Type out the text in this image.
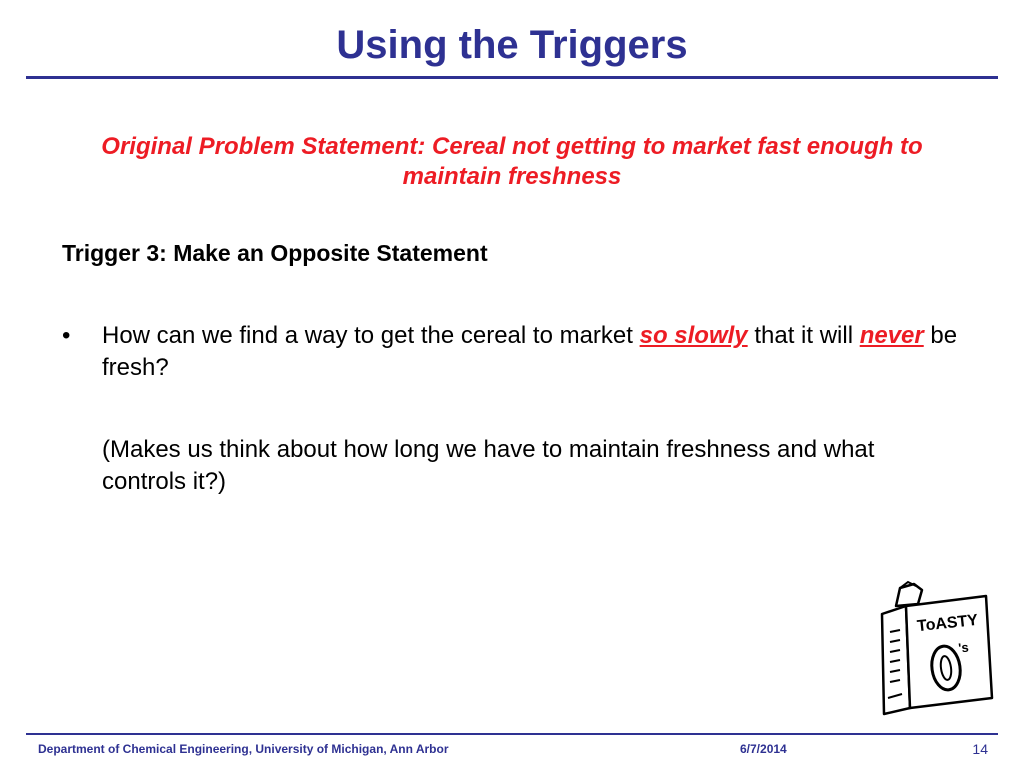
Using the Triggers
Original Problem Statement: Cereal not getting to market fast enough to maintain freshness
Trigger 3: Make an Opposite Statement
• How can we find a way to get the cereal to market so slowly that it will never be fresh?
(Makes us think about how long we have to maintain freshness and what controls it?)
ToASTY
's
Department of Chemical Engineering, University of Michigan, Ann Arbor	6/7/2014	14
